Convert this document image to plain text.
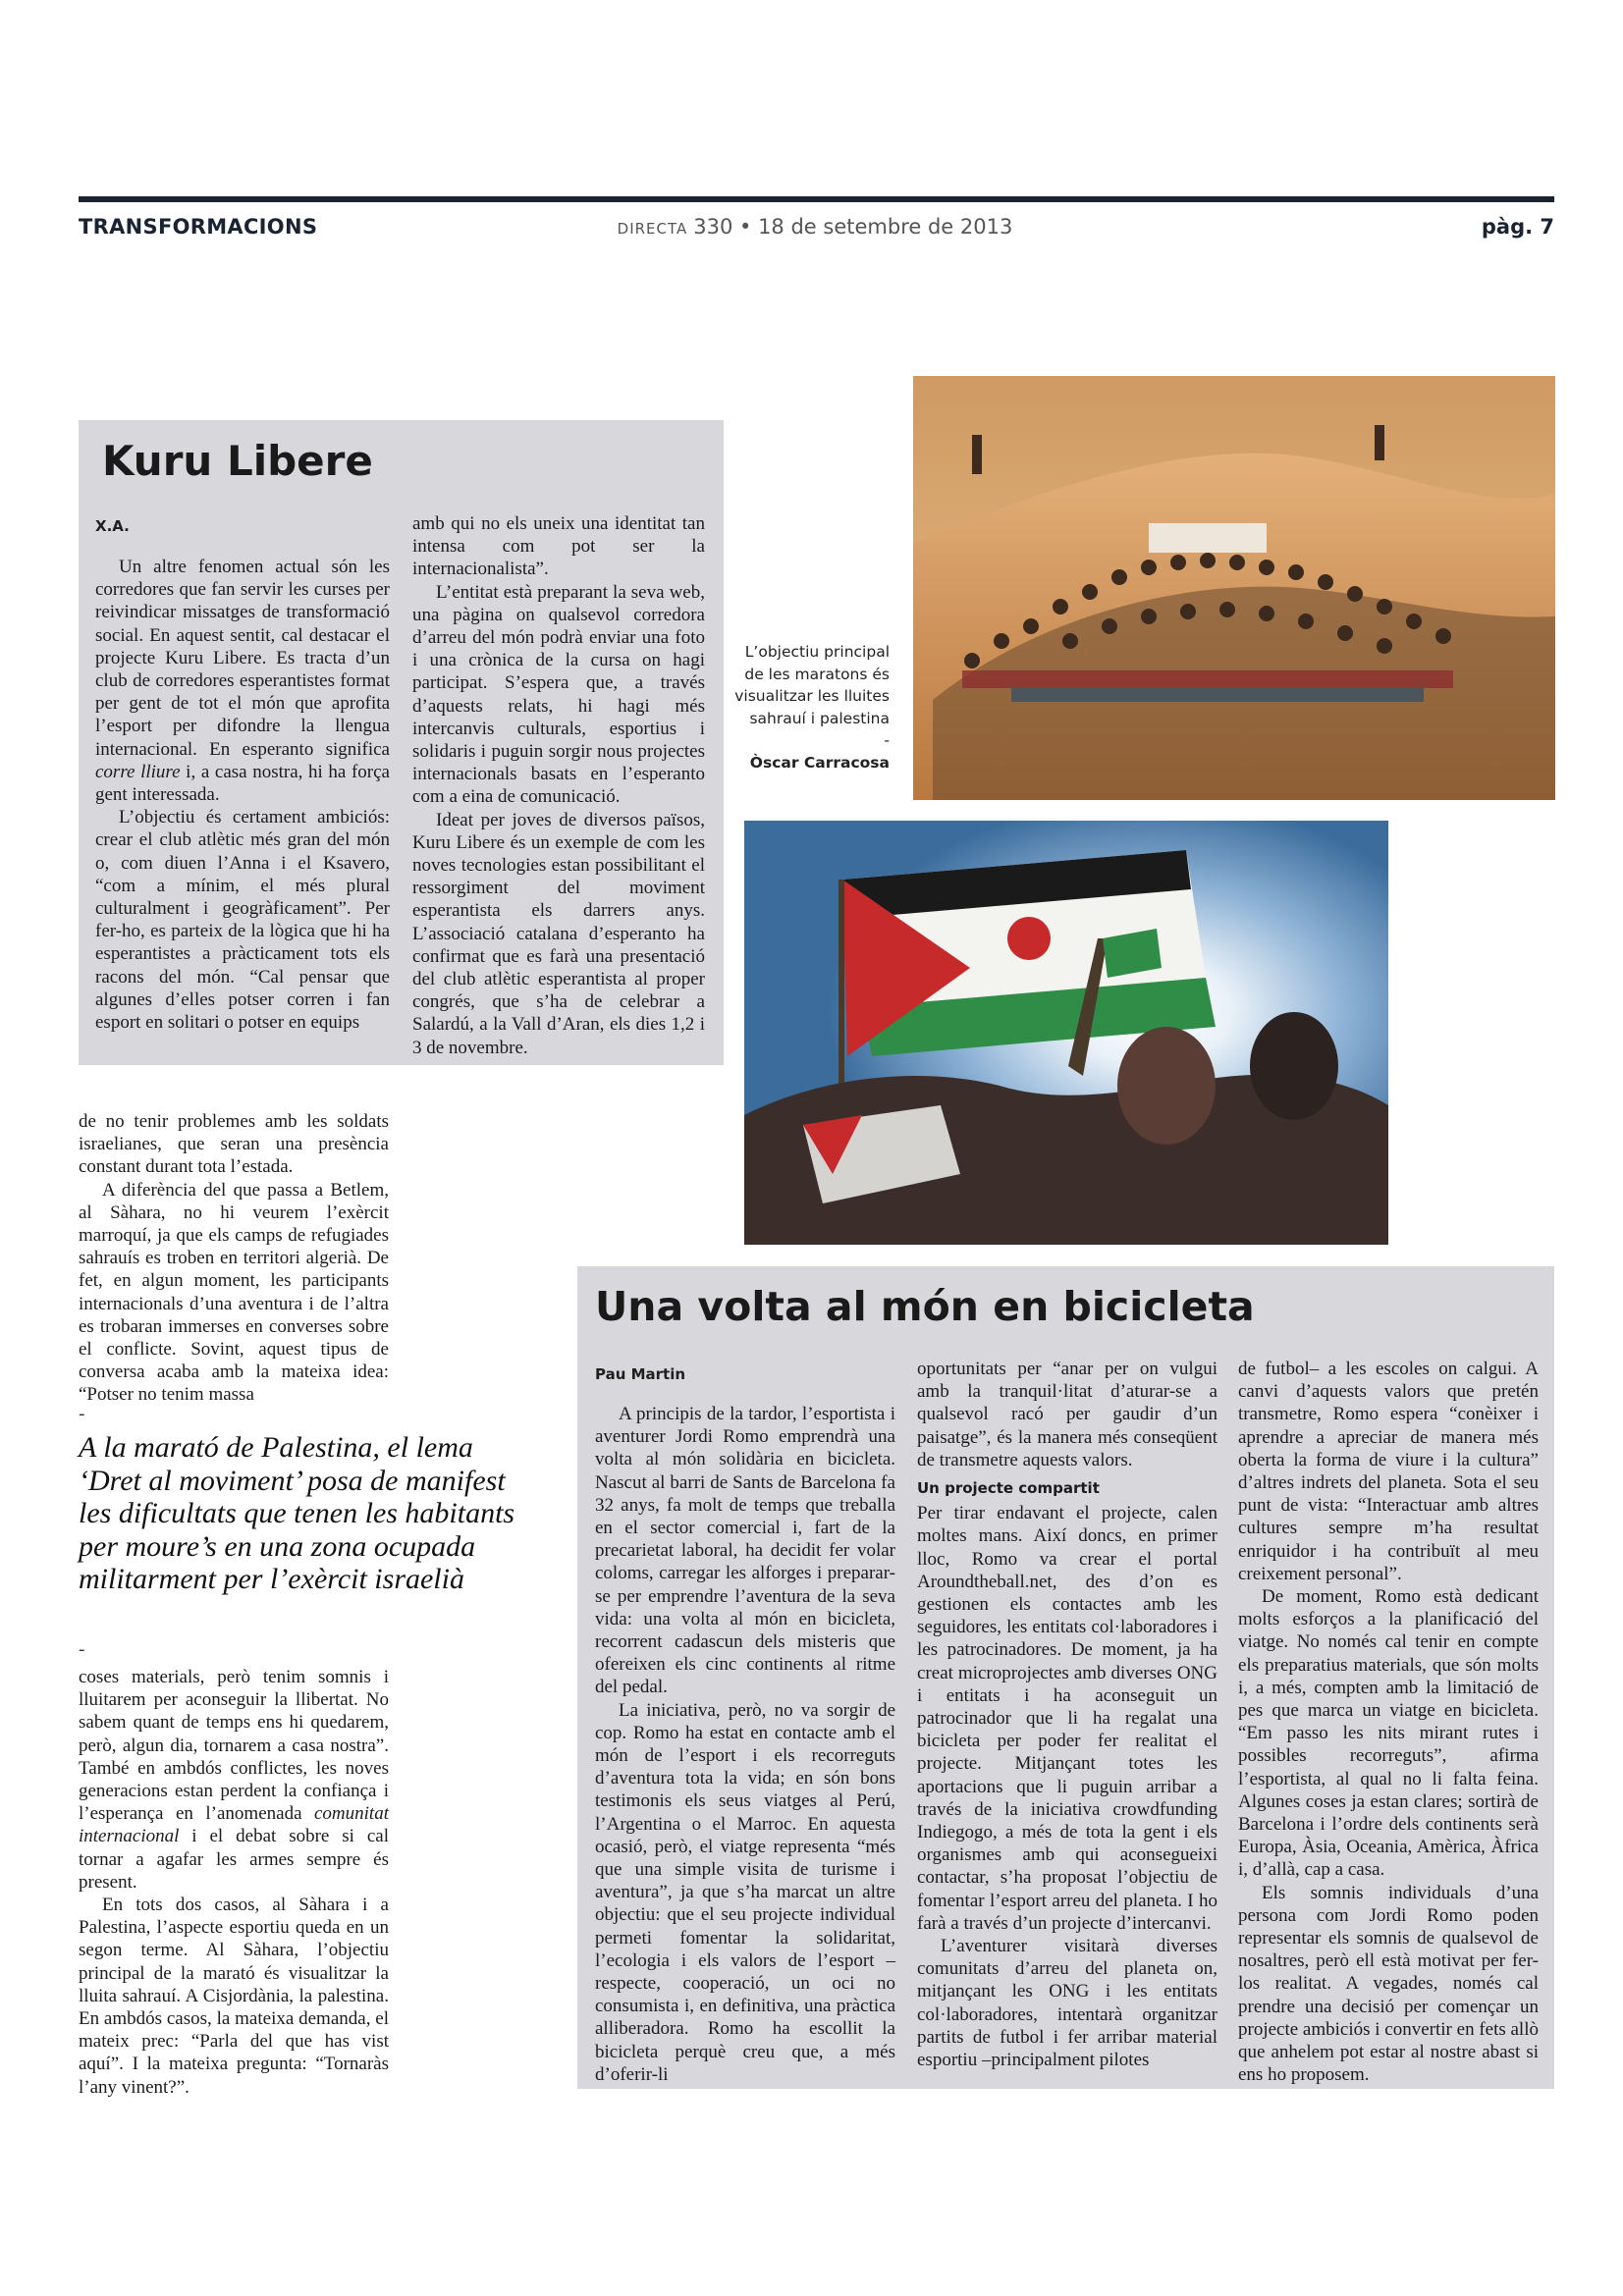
TRANSFORMACIONS	DIRECTA 330 • 18 de setembre de 2013	pàg. 7
Kuru Libere
X.A.

Un altre fenomen actual són les corredores que fan servir les curses per reivindicar missatges de transformació social. En aquest sentit, cal destacar el projecte Kuru Libere. Es tracta d’un club de corredores esperantistes format per gent de tot el món que aprofita l’esport per difondre la llengua internacional. En esperanto significa corre lliure i, a casa nostra, hi ha força gent interessada.

L’objectiu és certament ambiciós: crear el club atlètic més gran del món o, com diuen l’Anna i el Ksavero, “com a mínim, el més plural culturalment i geogràficament”. Per fer-ho, es parteix de la lògica que hi ha esperantistes a pràcticament tots els racons del món. “Cal pensar que algunes d’elles potser corren i fan esport en solitari o potser en equips

amb qui no els uneix una identitat tan intensa com pot ser la internacionalista”.

L’entitat està preparant la seva web, una pàgina on qualsevol corredora d’arreu del món podrà enviar una foto i una crònica de la cursa on hagi participat. S’espera que, a través d’aquests relats, hi hagi més intercanvis culturals, esportius i solidaris i puguin sorgir nous projectes internacionals basats en l’esperanto com a eina de comunicació.

Ideat per joves de diversos països, Kuru Libere és un exemple de com les noves tecnologies estan possibilitant el ressorgiment del moviment esperantista els darrers anys. L’associació catalana d’esperanto ha confirmat que es farà una presentació del club atlètic esperantista al proper congrés, que s’ha de celebrar a Salardú, a la Vall d’Aran, els dies 1,2 i 3 de novembre.

L’objectiu principal de les maratons és visualitzar les lluites sahrauí i palestina
-
Òscar Carracosa

de no tenir problemes amb les soldats israelianes, que seran una presència constant durant tota l’estada.

A diferència del que passa a Betlem, al Sàhara, no hi veurem l’exèrcit marroquí, ja que els camps de refugiades sahrauís es troben en territori algerià. De fet, en algun moment, les participants internacionals d’una aventura i de l’altra es trobaran immerses en converses sobre el conflicte. Sovint, aquest tipus de conversa acaba amb la mateixa idea: “Potser no tenim massa

-
A la marató de Palestina, el lema ‘Dret al moviment’ posa de manifest les dificultats que tenen les habitants per moure’s en una zona ocupada militarment per l’exèrcit israelià
-

coses materials, però tenim somnis i lluitarem per aconseguir la llibertat. No sabem quant de temps ens hi quedarem, però, algun dia, tornarem a casa nostra”. També en ambdós conflictes, les noves generacions estan perdent la confiança i l’esperança en l’anomenada comunitat internacional i el debat sobre si cal tornar a agafar les armes sempre és present.

En tots dos casos, al Sàhara i a Palestina, l’aspecte esportiu queda en un segon terme. Al Sàhara, l’objectiu principal de la marató és visualitzar la lluita sahrauí. A Cisjordània, la palestina. En ambdós casos, la mateixa demanda, el mateix prec: “Parla del que has vist aquí”. I la mateixa pregunta: “Tornaràs l’any vinent?”.

Una volta al món en bicicleta
Pau Martin

A principis de la tardor, l’esportista i aventurer Jordi Romo emprendrà una volta al món solidària en bicicleta. Nascut al barri de Sants de Barcelona fa 32 anys, fa molt de temps que treballa en el sector comercial i, fart de la precarietat laboral, ha decidit fer volar coloms, carregar les alforges i preparar-se per emprendre l’aventura de la seva vida: una volta al món en bicicleta, recorrent cadascun dels misteris que ofereixen els cinc continents al ritme del pedal.

La iniciativa, però, no va sorgir de cop. Romo ha estat en contacte amb el món de l’esport i els recorreguts d’aventura tota la vida; en són bons testimonis els seus viatges al Perú, l’Argentina o el Marroc. En aquesta ocasió, però, el viatge representa “més que una simple visita de turisme i aventura”, ja que s’ha marcat un altre objectiu: que el seu projecte individual permeti fomentar la solidaritat, l’ecologia i els valors de l’esport –respecte, cooperació, un oci no consumista i, en definitiva, una pràctica alliberadora. Romo ha escollit la bicicleta perquè creu que, a més d’oferir-li

oportunitats per “anar per on vulgui amb la tranquil·litat d’aturar-se a qualsevol racó per gaudir d’un paisatge”, és la manera més conseqüent de transmetre aquests valors.

Un projecte compartit

Per tirar endavant el projecte, calen moltes mans. Així doncs, en primer lloc, Romo va crear el portal Aroundtheball.net, des d’on es gestionen els contactes amb les seguidores, les entitats col·laboradores i les patrocinadores. De moment, ja ha creat microprojectes amb diverses ONG i entitats i ha aconseguit un patrocinador que li ha regalat una bicicleta per poder fer realitat el projecte. Mitjançant totes les aportacions que li puguin arribar a través de la iniciativa crowdfunding Indiegogo, a més de tota la gent i els organismes amb qui aconsegueixi contactar, s’ha proposat l’objectiu de fomentar l’esport arreu del planeta. I ho farà a través d’un projecte d’intercanvi.

L’aventurer visitarà diverses comunitats d’arreu del planeta on, mitjançant les ONG i les entitats col·laboradores, intentarà organitzar partits de futbol i fer arribar material esportiu –principalment pilotes

de futbol– a les escoles on calgui. A canvi d’aquests valors que pretén transmetre, Romo espera “conèixer i aprendre a apreciar de manera més oberta la forma de viure i la cultura” d’altres indrets del planeta. Sota el seu punt de vista: “Interactuar amb altres cultures sempre m’ha resultat enriquidor i ha contribuït al meu creixement personal”.

De moment, Romo està dedicant molts esforços a la planificació del viatge. No només cal tenir en compte els preparatius materials, que són molts i, a més, compten amb la limitació de pes que marca un viatge en bicicleta. “Em passo les nits mirant rutes i possibles recorreguts”, afirma l’esportista, al qual no li falta feina. Algunes coses ja estan clares; sortirà de Barcelona i l’ordre dels continents serà Europa, Àsia, Oceania, Amèrica, Àfrica i, d’allà, cap a casa.

Els somnis individuals d’una persona com Jordi Romo poden representar els somnis de qualsevol de nosaltres, però ell està motivat per fer-los realitat. A vegades, només cal prendre una decisió per començar un projecte ambiciós i convertir en fets allò que anhelem pot estar al nostre abast si ens ho proposem.
